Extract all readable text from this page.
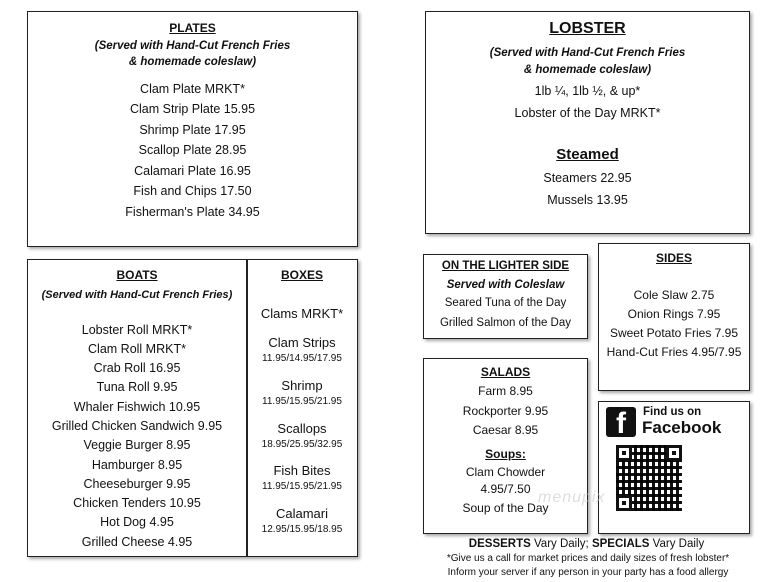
PLATES
(Served with Hand-Cut French Fries
& homemade coleslaw)
Clam Plate MRKT*
Clam Strip Plate 15.95
Shrimp Plate 17.95
Scallop Plate 28.95
Calamari Plate 16.95
Fish and Chips 17.50
Fisherman's Plate 34.95
LOBSTER
(Served with Hand-Cut French Fries
& homemade coleslaw)
1lb ¼, 1lb ½, & up*
Lobster of the Day MRKT*
Steamed
Steamers 22.95
Mussels 13.95
BOATS
(Served with Hand-Cut French Fries)
Lobster Roll MRKT*
Clam Roll MRKT*
Crab Roll 16.95
Tuna Roll 9.95
Whaler Fishwich 10.95
Grilled Chicken Sandwich 9.95
Veggie Burger 8.95
Hamburger 8.95
Cheeseburger 9.95
Chicken Tenders 10.95
Hot Dog 4.95
Grilled Cheese 4.95
BOXES
Clams MRKT*
Clam Strips
11.95/14.95/17.95
Shrimp
11.95/15.95/21.95
Scallops
18.95/25.95/32.95
Fish Bites
11.95/15.95/21.95
Calamari
12.95/15.95/18.95
ON THE LIGHTER SIDE
Served with Coleslaw
Seared Tuna of the Day
Grilled Salmon of the Day
SIDES
Cole Slaw 2.75
Onion Rings 7.95
Sweet Potato Fries 7.95
Hand-Cut Fries 4.95/7.95
SALADS
Farm 8.95
Rockporter 9.95
Caesar 8.95
Soups:
Clam Chowder
4.95/7.50
Soup of the Day
f	Find us on
Facebook
menupix
DESSERTS Vary Daily; SPECIALS Vary Daily
*Give us a call for market prices and daily sizes of fresh lobster*
Inform your server if any person in your party has a food allergy
